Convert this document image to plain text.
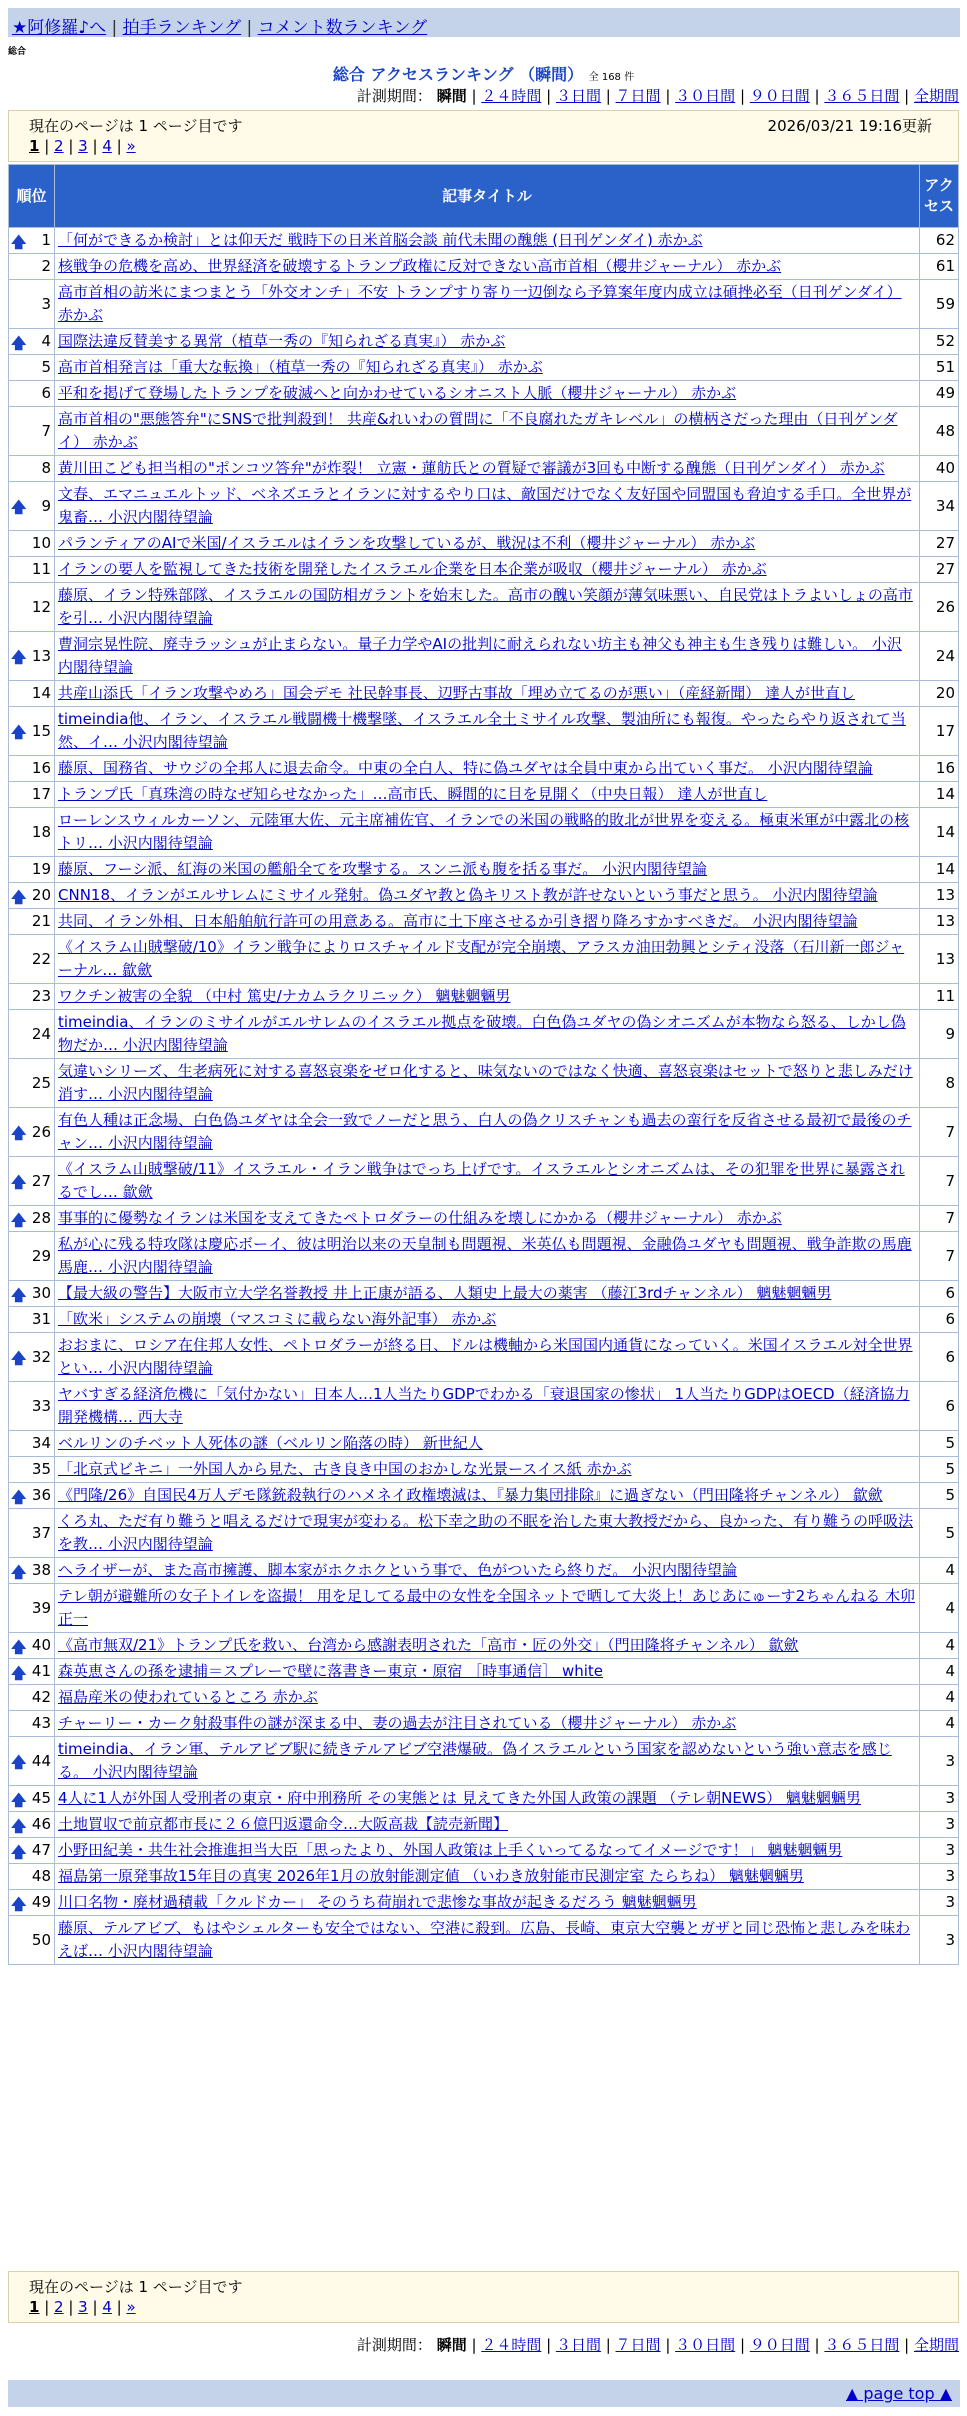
★阿修羅♪へ | 拍手ランキング | コメント数ランキング
総合
総合 アクセスランキング （瞬間） 全 168 件
計測期間： 瞬間 | ２４時間 | ３日間 | ７日間 | ３０日間 | ９０日間 | ３６５日間 | 全期間
現在のページは 1 ページ目です	2026/03/21 19:16更新
1 | 2 | 3 | 4 | »
順位	記事タイトル	アクセス

🡅 1	「何ができるか検討」とは仰天だ 戦時下の日米首脳会談 前代未聞の醜態 (日刊ゲンダイ) 赤かぶ	62
2	核戦争の危機を高め、世界経済を破壊するトランプ政権に反対できない高市首相（櫻井ジャーナル） 赤かぶ	61
3	高市首相の訪米にまつまとう「外交オンチ」不安 トランプすり寄り一辺倒なら予算案年度内成立は碩挫必至（日刊ゲンダイ） 赤かぶ	59

🡅 4	国際法違反賛美する異常（植草一秀の『知られざる真実』） 赤かぶ	52
5	高市首相発言は「重大な転換」（植草一秀の『知られざる真実』） 赤かぶ	51
6	平和を掲げて登場したトランプを破滅へと向かわせているシオニスト人脈（櫻井ジャーナル） 赤かぶ	49
7	高市首相の"悪態答弁"にSNSで批判殺到！ 共産&れいわの質問に「不良腐れたガキレベル」の横柄さだった理由（日刊ゲンダイ） 赤かぶ	48
8	黄川田こども担当相の"ポンコツ答弁"が炸裂！ 立憲・蓮舫氏との質疑で審議が3回も中断する醜態（日刊ゲンダイ） 赤かぶ	40

🡅 9	文春、エマニュエルトッド、ベネズエラとイランに対するやり口は、敵国だけでなく友好国や同盟国も脅迫する手口。全世界が鬼畜… 小沢内閣待望論	34
10	パランティアのAIで米国/イスラエルはイランを攻撃しているが、戦況は不利（櫻井ジャーナル） 赤かぶ	27
11	イランの要人を監視してきた技術を開発したイスラエル企業を日本企業が吸収（櫻井ジャーナル） 赤かぶ	27
12	藤原、イラン特殊部隊、イスラエルの国防相ガラントを始末した。高市の醜い笑顔が薄気味悪い、自民党はトラよいしょの高市を引… 小沢内閣待望論	26

🡅 13	曹洞宗晃性院、廃寺ラッシュが止まらない。量子力学やAIの批判に耐えられない坊主も神父も神主も生き残りは難しい。 小沢内閣待望論	24
14	共産山添氏「イラン攻撃やめろ」国会デモ 社民幹事長、辺野古事故「埋め立てるのが悪い」（産経新聞） 達人が世直し	20

🡅 15	timeindia他、イラン、イスラエル戦闘機十機撃墜、イスラエル全土ミサイル攻撃、製油所にも報復。やったらやり返されて当然、イ… 小沢内閣待望論	17
16	藤原、国務省、サウジの全邦人に退去命令。中東の全白人、特に偽ユダヤは全員中東から出ていく事だ。 小沢内閣待望論	16
17	トランプ氏「真珠湾の時なぜ知らせなかった」…高市氏、瞬間的に目を見開く（中央日報） 達人が世直し	14
18	ローレンスウィルカーソン、元陸軍大佐、元主席補佐官、イランでの米国の戦略的敗北が世界を変える。極東米軍が中露北の核トリ… 小沢内閣待望論	14
19	藤原、フーシ派、紅海の米国の艦船全てを攻撃する。スンニ派も腹を括る事だ。 小沢内閣待望論	14

🡅 20	CNN18、イランがエルサレムにミサイル発射。偽ユダヤ教と偽キリスト教が許せないという事だと思う。 小沢内閣待望論	13
21	共同、イラン外相、日本船舶航行許可の用意ある。高市に土下座させるか引き摺り降ろすかすべきだ。 小沢内閣待望論	13
22	《イスラム山賊撃破/10》イラン戦争によりロスチャイルド支配が完全崩壊、アラスカ油田勃興とシティ没落（石川新一郎ジャーナル… 歙歛	13
23	ワクチン被害の全貌 （中村 篤史/ナカムラクリニック） 魑魅魍魎男	11
24	timeindia、イランのミサイルがエルサレムのイスラエル拠点を破壊。白色偽ユダヤの偽シオニズムが本物なら怒る、しかし偽物だか… 小沢内閣待望論	9
25	気違いシリーズ、生老病死に対する喜怒哀楽をゼロ化すると、味気ないのではなく快適、喜怒哀楽はセットで怒りと悲しみだけ消す… 小沢内閣待望論	8

🡅 26	有色人種は正念場、白色偽ユダヤは全会一致でノーだと思う、白人の偽クリスチャンも過去の蛮行を反省させる最初で最後のチャン… 小沢内閣待望論	7

🡅 27	《イスラム山賊撃破/11》イスラエル・イラン戦争はでっち上げです。イスラエルとシオニズムは、その犯罪を世界に暴露されるでし… 歙歛	7

🡅 28	事事的に優勢なイランは米国を支えてきたペトロダラーの仕組みを壊しにかかる（櫻井ジャーナル） 赤かぶ	7
29	私が心に残る特攻隊は慶応ボーイ、彼は明治以来の天皇制も問題視、米英仏も問題視、金融偽ユダヤも問題視、戦争詐欺の馬鹿馬鹿… 小沢内閣待望論	7

🡅 30	【最大級の警告】大阪市立大学名誉教授 井上正康が語る、人類史上最大の薬害 （藤江3rdチャンネル） 魑魅魍魎男	6
31	「欧米」システムの崩壊（マスコミに載らない海外記事） 赤かぶ	6

🡅 32	おおまに、ロシア在住邦人女性、ペトロダラーが終る日、ドルは機軸から米国国内通貨になっていく。米国イスラエル対全世界とい… 小沢内閣待望論	6
33	ヤバすぎる経済危機に「気付かない」日本人…1人当たりGDPでわかる「衰退国家の惨状」 1人当たりGDPはOECD（経済協力開発機構… 西大寺	6
34	ベルリンのチベット人死体の謎（ベルリン陥落の時） 新世紀人	5
35	「北京式ビキニ」一外国人から見た、古き良き中国のおかしな光景ースイス紙 赤かぶ	5

🡅 36	《門隆/26》自国民4万人デモ隊銃殺執行のハメネイ政権壊滅は、『暴力集団排除』に過ぎない（門田隆将チャンネル） 歙歛	5
37	くろ丸、ただ有り難うと唱えるだけで現実が変わる。松下幸之助の不眠を治した東大教授だから、良かった、有り難うの呼吸法を教… 小沢内閣待望論	5

🡅 38	ヘライザーが、また高市擁護、脚本家がホクホクという事で、色がついたら終りだ。 小沢内閣待望論	4
39	テレ朝が避難所の女子トイレを盗撮！ 用を足してる最中の女性を全国ネットで晒して大炎上！あじあにゅーす2ちゃんねる 木卯正一	4

🡅 40	《高市無双/21》トランプ氏を救い、台湾から感謝表明された「高市・匠の外交」（門田隆将チャンネル） 歙歛	4

🡅 41	森英恵さんの孫を逮捕＝スプレーで壁に落書きー東京・原宿 ［時事通信］ white	4
42	福島産米の使われているところ 赤かぶ	4
43	チャーリー・カーク射殺事件の謎が深まる中、妻の過去が注目されている（櫻井ジャーナル） 赤かぶ	4

🡅 44	timeindia、イラン軍、テルアビブ駅に続きテルアビブ空港爆破。偽イスラエルという国家を認めないという強い意志を感じる。 小沢内閣待望論	3

🡅 45	4人に1人が外国人受刑者の東京・府中刑務所 その実態とは 見えてきた外国人政策の課題 （テレ朝NEWS） 魑魅魍魎男	3

🡅 46	土地買収で前京都市長に２６億円返還命令…大阪高裁【読売新聞】	3

🡅 47	小野田紀美・共生社会推進担当大臣「思ったより、外国人政策は上手くいってるなってイメージです！」 魑魅魍魎男	3
48	福島第一原発事故15年目の真実 2026年1月の放射能測定値 （いわき放射能市民測定室 たらちね） 魑魅魍魎男	3

🡅 49	川口名物・廃材過積載「クルドカー」 そのうち荷崩れで悲惨な事故が起きるだろう 魑魅魍魎男	3
50	藤原、テルアビブ、もはやシェルターも安全ではない、空港に殺到。広島、長崎、東京大空襲とガザと同じ恐怖と悲しみを味わえば… 小沢内閣待望論	3
現在のページは 1 ページ目です
1 | 2 | 3 | 4 | »
計測期間： 瞬間 | ２４時間 | ３日間 | ７日間 | ３０日間 | ９０日間 | ３６５日間 | 全期間
▲ page top ▲
